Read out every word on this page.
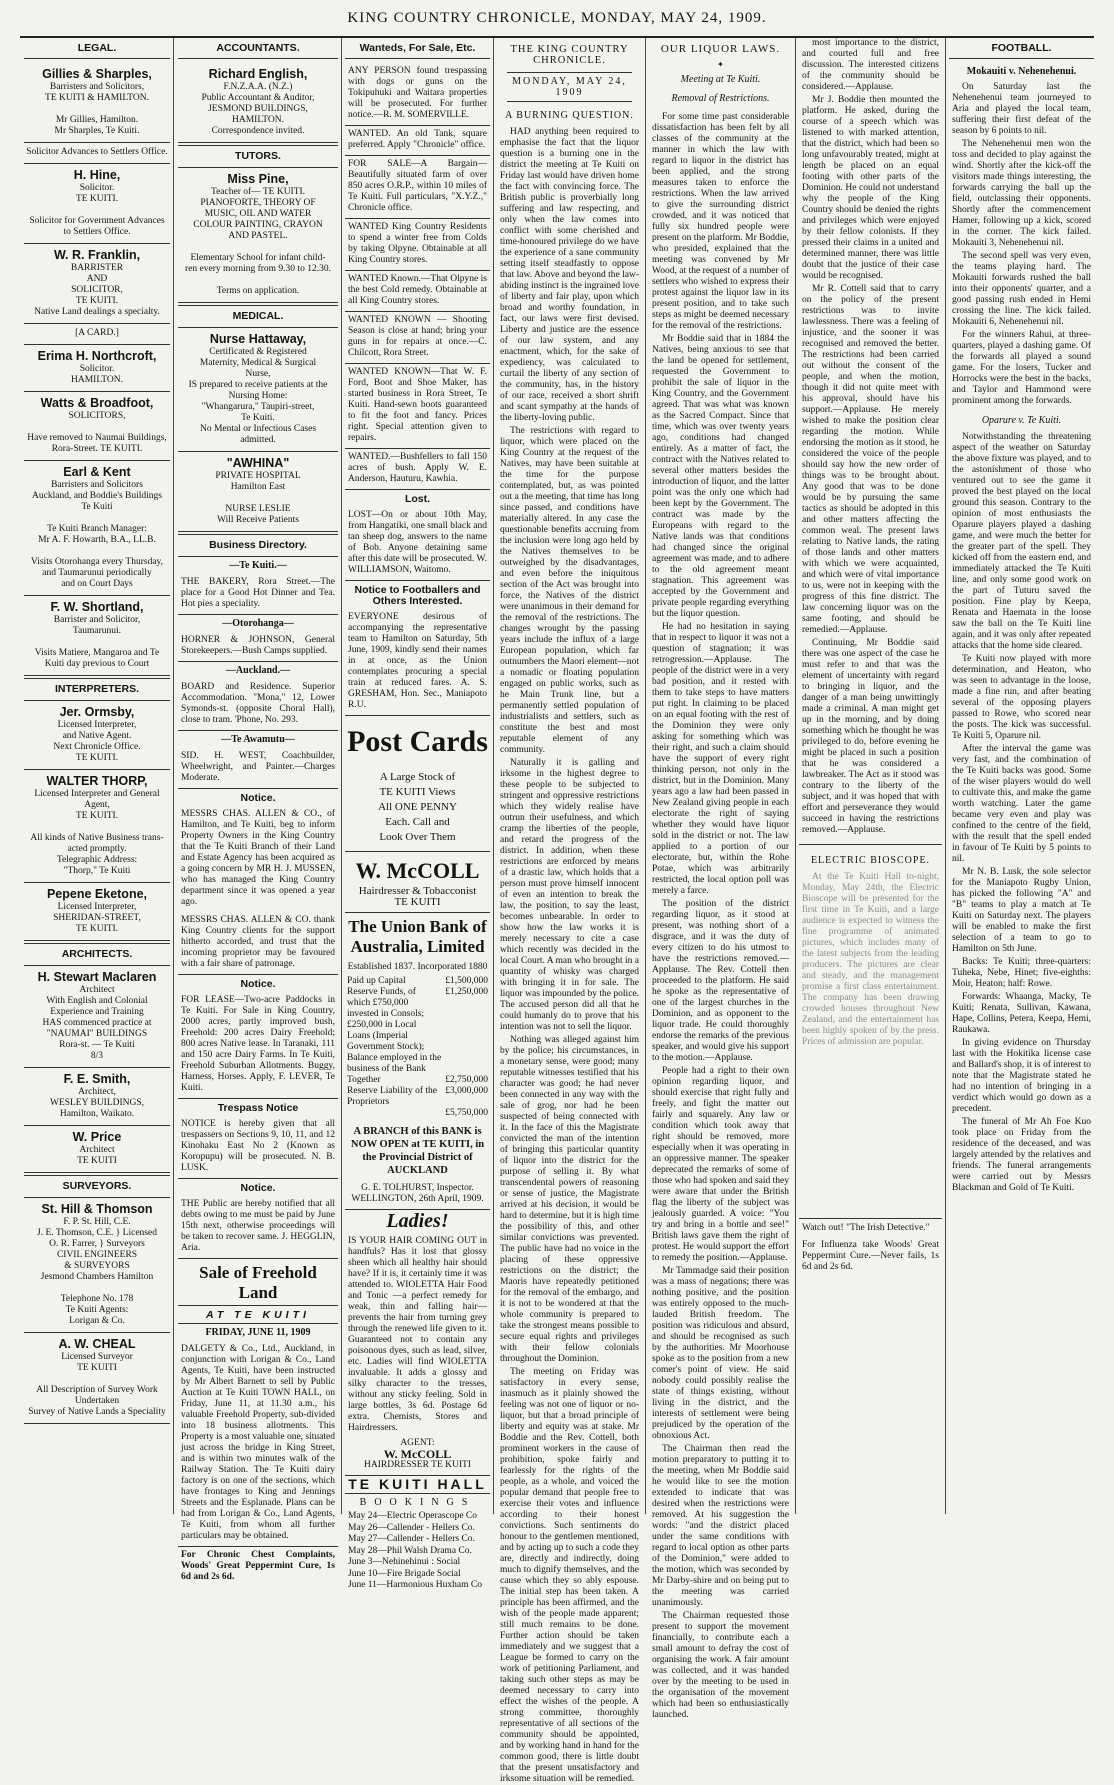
KING COUNTRY CHRONICLE, MONDAY, MAY 24, 1909.
LEGAL.
Gillies & Sharples,
Barristers and Solicitors,
TE KUITI & HAMILTON.

Mr Gillies, Hamilton.
Mr Sharples, Te Kuiti.
Solicitor Advances to Settlers Office.
H. Hine,
Solicitor.
TE KUITI.

Solicitor for Government Advances to Settlers Office.
W. R. Franklin,
BARRISTER
AND
SOLICITOR,
TE KUITI.
Native Land dealings a specialty.
[A CARD.]
Erima H. Northcroft,
Solicitor.
HAMILTON.
Watts & Broadfoot,
SOLICITORS,

Have removed to Naumai Buildings,
Rora-Street. TE KUITI.
Earl & Kent
Barristers and Solicitors
Auckland, and Boddie's Buildings
Te Kuiti

Te Kuiti Branch Manager:
Mr A. F. Howarth, B.A., LL.B.

Visits Otorohanga every Thursday,
and Taumarunui periodically
and on Court Days
F. W. Shortland,
Barrister and Solicitor,
Taumarunui.

Visits Matiere, Mangaroa and Te
Kuiti day previous to Court
INTERPRETERS.
Jer. Ormsby,
Licensed Interpreter,
and Native Agent.
Next Chronicle Office.
TE KUITI.
WALTER THORP,
Licensed Interpreter and General
Agent,
TE KUITI.

All kinds of Native Business trans-
acted promptly.
Telegraphic Address:
"Thorp," Te Kuiti
Pepene Eketone,
Licensed Interpreter,
SHERIDAN-STREET,
TE KUITI.
ARCHITECTS.
H. Stewart Maclaren
Architect
With English and Colonial
Experience and Training
HAS commenced practice at
"NAUMAI" BUILDINGS
Rora-st. — Te Kuiti
8/3
F. E. Smith,
Architect,
WESLEY BUILDINGS,
Hamilton, Waikato.
W. Price
Architect
TE KUITI
SURVEYORS.
St. Hill & Thomson
F. P. St. Hill, C.E.
J. E. Thomson, C.E. } Licensed
O. R. Farrer, } Surveyors
CIVIL ENGINEERS
& SURVEYORS
Jesmond Chambers Hamilton

Telephone No. 178
Te Kuiti Agents:
Lorigan & Co.
A. W. CHEAL
Licensed Surveyor
TE KUITI

All Description of Survey Work
Undertaken
Survey of Native Lands a Speciality
ACCOUNTANTS.
Richard English,
F.N.Z.A.A. (N.Z.)
Public Accountant & Auditor,
JESMOND BUILDINGS,
HAMILTON.
Correspondence invited.
TUTORS.
Miss Pine,
Teacher of— TE KUITI.
PIANOFORTE, THEORY OF
MUSIC, OIL AND WATER
COLOUR PAINTING, CRAYON
AND PASTEL.

Elementary School for infant child-
ren every morning from 9.30 to 12.30.

Terms on application.
MEDICAL.
Nurse Hattaway,
Certificated & Registered
Maternity, Medical & Surgical
Nurse,
IS prepared to receive patients at the
Nursing Home:
"Whangarura," Taupiri-street,
Te Kuiti.
No Mental or Infectious Cases
admitted.
"AWHINA"
PRIVATE HOSPITAL
Hamilton East

NURSE LESLIE
Will Receive Patients
Business Directory.
—Te Kuiti.—
THE BAKERY, Rora Street.—The place for a Good Hot Dinner and Tea. Hot pies a speciality.
—Otorohanga—
HORNER & JOHNSON, General Storekeepers.—Bush Camps supplied.
—Auckland.—
BOARD and Residence. Superior Accommodation. "Mona," 12, Lower Symonds-st. (opposite Choral Hall), close to tram. 'Phone, No. 293.
—Te Awamutu—
SID. H. WEST, Coachbuilder, Wheelwright, and Painter.—Charges Moderate.
Notice.
MESSRS CHAS. ALLEN & CO., of Hamilton, and Te Kuiti, beg to inform Property Owners in the King Country that the Te Kuiti Branch of their Land and Estate Agency has been acquired as a going concern by MR H. J. MUSSEN, who has managed the King Country department since it was opened a year ago.
MESSRS CHAS. ALLEN & CO. thank King Country clients for the support hitherto accorded, and trust that the incoming proprietor may be favoured with a fair share of patronage.
Notice.
FOR LEASE—Two-acre Paddocks in Te Kuiti. For Sale in King Country, 2000 acres, partly improved bush, Freehold: 200 acres Dairy Freehold; 800 acres Native lease. In Taranaki, 111 and 150 acre Dairy Farms. In Te Kuiti, Freehold Suburban Allotments. Buggy, Harness, Horses. Apply, F. LEVER, Te Kuiti.
Trespass Notice
NOTICE is hereby given that all trespassers on Sections 9, 10, 11, and 12 Kinohaku East No 2 (Known as Koropupu) will be prosecuted. N. B. LUSK.
Notice.
THE Public are hereby notified that all debts owing to me must be paid by June 15th next, otherwise proceedings will be taken to recover same. J. HEGGLIN, Aria.
Sale of Freehold Land
AT TE KUITI
FRIDAY, JUNE 11, 1909
DALGETY & Co., Ltd., Auckland, in conjunction with Lorigan & Co., Land Agents, Te Kuiti, have been instructed by Mr Albert Barnett to sell by Public Auction at Te Kuiti TOWN HALL, on Friday, June 11, at 11.30 a.m., his valuable Freehold Property, sub-divided into 18 business allotments. This Property is a most valuable one, situated just across the bridge in King Street, and is within two minutes walk of the Railway Station. The Te Kuiti dairy factory is on one of the sections, which have frontages to King and Jennings Streets and the Esplanade. Plans can be had from Lorigan & Co., Land Agents, Te Kuiti, from whom all further particulars may be obtained.
For Chronic Chest Complaints, Woods' Great Peppermint Cure, 1s 6d and 2s 6d.
Wanteds, For Sale, Etc.
ANY PERSON found trespassing with dogs or guns on the Tokipuhuki and Waitara properties will be prosecuted. For further notice.—R. M. SOMERVILLE.
WANTED. An old Tank, square preferred. Apply "Chronicle" office.
FOR SALE—A Bargain—Beautifully situated farm of over 850 acres O.R.P., within 10 miles of Te Kuiti. Full particulars, "X.Y.Z.," Chronicle office.
WANTED King Country Residents to spend a winter free from Colds by taking Olpyne. Obtainable at all King Country stores.
WANTED Known.—That Olpyne is the best Cold remedy. Obtainable at all King Country stores.
WANTED KNOWN — Shooting Season is close at hand; bring your guns in for repairs at once.—C. Chilcott, Rora Street.
WANTED KNOWN—That W. F. Ford, Boot and Shoe Maker, has started business in Rora Street, Te Kuiti. Hand-sewn boots guaranteed to fit the foot and fancy. Prices right. Special attention given to repairs.
WANTED.—Bushfellers to fall 150 acres of bush. Apply W. E. Anderson, Hauturu, Kawhia.
Lost.
LOST—On or about 10th May, from Hangatiki, one small black and tan sheep dog, answers to the name of Bob. Anyone detaining same after this date will be prosecuted. W. WILLIAMSON, Waitomo.
Notice to Footballers and Others Interested.
EVERYONE desirous of accompanying the representative team to Hamilton on Saturday, 5th June, 1909, kindly send their names in at once, as the Union contemplates procuring a special train at reduced fares. A. S. GRESHAM, Hon. Sec., Maniapoto R.U.
Post Cards
A Large Stock of
TE KUITI Views
All ONE PENNY
Each. Call and
Look Over Them
W. McCOLL
Hairdresser & Tobacconist
TE KUITI
The Union Bank of Australia, Limited
Established 1837. Incorporated 1880
Paid up Capital	£1,500,000
Reserve Funds, of which £750,000 invested in Consols; £250,000 in Local Loans (Imperial Government Stock); Balance employed in the business of the Bank	£1,250,000
Together	£2,750,000
Reserve Liability of the Proprietors	£3,000,000
	£5,750,000
A BRANCH of this BANK is NOW OPEN at TE KUITI, in the Provincial District of AUCKLAND
G. E. TOLHURST, Inspector.
WELLINGTON, 26th April, 1909.
Ladies!
IS YOUR HAIR COMING OUT in handfuls? Has it lost that glossy sheen which all healthy hair should have? If it is, it certainly time it was attended to. WIOLETTA Hair Food and Tonic —a perfect remedy for weak, thin and falling hair—prevents the hair from turning grey through the renewed life given to it. Guaranteed not to contain any poisonous dyes, such as lead, silver, etc. Ladies will find WIOLETTA invaluable. It adds a glossy and silky character to the tresses, without any sticky feeling. Sold in large bottles, 3s 6d. Postage 6d extra. Chemists, Stores and Hairdressers.
AGENT:
W. McCOLL
HAIRDRESSER TE KUITI
TE KUITI HALL
BOOKINGS
May 24—Electric Operascope Co
May 26—Callender - Hellers Co.
May 27—Callender - Hellers Co.
May 28—Phil Walsh Drama Co.
June 3—Nehinehinui : Social
June 10—Fire Brigade Social
June 11—Harmonious Huxham Co
THE KING COUNTRY CHRONICLE.
MONDAY, MAY 24, 1909
A BURNING QUESTION.
HAD anything been required to emphasise the fact that the liquor question is a burning one in the district the meeting at Te Kuiti on Friday last would have driven home the fact with convincing force. The British public is proverbially long suffering and law respecting, and only when the law comes into conflict with some cherished and time-honoured privilege do we have the experience of a sane community setting itself steadfastly to oppose that law. Above and beyond the law-abiding instinct is the ingrained love of liberty and fair play, upon which broad and worthy foundation, in fact, our laws were first devised. Liberty and justice are the essence of our law system, and any enactment, which, for the sake of expediency, was calculated to curtail the liberty of any section of the community, has, in the history of our race, received a short shrift and scant sympathy at the hands of the liberty-loving public.
The restrictions with regard to liquor, which were placed on the King Country at the request of the Natives, may have been suitable at the time for the purpose contemplated, but, as was pointed out a the meeting, that time has long since passed, and conditions have materially altered. In any case the questionable benefits accruing from the inclusion were long ago held by the Natives themselves to be outweighed by the disadvantages, and even before the iniquitous section of the Act was brought into force, the Natives of the district were unanimous in their demand for the removal of the restrictions. The changes wrought by the passing years include the influx of a large European population, which far outnumbers the Maori element—not a nomadic or floating population engaged on public works, such as he Main Trunk line, but a permanently settled population of industrialists and settlers, such as constitute the best and most reputable element of any community.
Naturally it is galling and irksome in the highest degree to these people to be subjected to stringent and oppressive restrictions which they widely realise have outrun their usefulness, and which cramp the liberties of the people, and retard the progress of the district. In addition, when these restrictions are enforced by means of a drastic law, which holds that a person must prove himself innocent of even an intention to break the law, the position, to say the least, becomes unbearable. In order to show how the law works it is merely necessary to cite a case which recently was decided in the local Court. A man who brought in a quantity of whisky was charged with bringing it in for sale. The liquor was impounded by the police. The accused person did all that he could humanly do to prove that his intention was not to sell the liquor.
Nothing was alleged against him by the police; his circumstances, in a monetary sense, were good; many reputable witnesses testified that his character was good; he had never been connected in any way with the sale of grog, nor had he been suspected of being connected with it. In the face of this the Magistrate convicted the man of the intention of bringing this particular quantity of liquor into the district for the purpose of selling it. By what transcendental powers of reasoning or sense of justice, the Magistrate arrived at his decision, it would be hard to determine, but it is high time the possibility of this, and other similar convictions was prevented. The public have had no voice in the placing of these oppressive restrictions on the district; the Maoris have repeatedly petitioned for the removal of the embargo, and it is not to be wondered at that the whole community is prepared to take the strongest means possible to secure equal rights and privileges with their fellow colonials throughout the Dominion.
The meeting on Friday was satisfactory in every sense, inasmuch as it plainly showed the feeling was not one of liquor or no-liquor, but that a broad principle of liberty and equity was at stake. Mr Boddie and the Rev. Cottell, both prominent workers in the cause of prohibition, spoke fairly and fearlessly for the rights of the people, as a whole, and voiced the popular demand that people free to exercise their votes and influence according to their honest convictions. Such sentiments do honour to the gentlemen mentioned, and by acting up to such a code they are, directly and indirectly, doing much to dignify themselves, and the cause which they so ably espouse. The initial step has been taken. A principle has been affirmed, and the wish of the people made apparent; still much remains to be done. Further action should be taken immediately and we suggest that a League be formed to carry on the work of petitioning Parliament, and taking such other steps as may be deemed necessary to carry into effect the wishes of the people. A strong committee, thoroughly representative of all sections of the community should be appointed, and by working hand in hand for the common good, there is little doubt that the present unsatisfactory and irksome situation will be remedied.
OUR LIQUOR LAWS.
✦
Meeting at Te Kuiti.
Removal of Restrictions.
For some time past considerable dissatisfaction has been felt by all classes of the community at the manner in which the law with regard to liquor in the district has been applied, and the strong measures taken to enforce the restrictions. When the law arrived to give the surrounding district crowded, and it was noticed that fully six hundred people were present on the platform. Mr Boddie, who presided, explained that the meeting was convened by Mr Wood, at the request of a number of settlers who wished to express their protest against the liquor law in its present position, and to take such steps as might be deemed necessary for the removal of the restrictions.
Mr Boddie said that in 1884 the Natives, being anxious to see that the land be opened for settlement, requested the Government to prohibit the sale of liquor in the King Country, and the Government agreed. That was what was known as the Sacred Compact. Since that time, which was over twenty years ago, conditions had changed entirely. As a matter of fact, the contract with the Natives related to several other matters besides the introduction of liquor, and the latter point was the only one which had been kept by the Government. The contract was made by the Europeans with regard to the Native lands was that conditions had changed since the original agreement was made, and to adhere to the old agreement meant stagnation. This agreement was accepted by the Government and private people regarding everything but the liquor question.
He had no hesitation in saying that in respect to liquor it was not a question of stagnation; it was retrogression.—Applause. The people of the district were in a very bad position, and it rested with them to take steps to have matters put right. In claiming to be placed on an equal footing with the rest of the Dominion they were only asking for something which was their right, and such a claim should have the support of every right thinking person, not only in the district, but in the Dominion. Many years ago a law had been passed in New Zealand giving people in each electorate the right of saying whether they would have liquor sold in the district or not. The law applied to a portion of our electorate, but, within the Rohe Potae, which was arbitrarily restricted, the local option poll was merely a farce.
The position of the district regarding liquor, as it stood at present, was nothing short of a disgrace, and it was the duty of every citizen to do his utmost to have the restrictions removed.—Applause. The Rev. Cottell then proceeded to the platform. He said he spoke as the representative of one of the largest churches in the Dominion, and as opponent to the liquor trade. He could thoroughly endorse the remarks of the previous speaker, and would give his support to the motion.—Applause.
People had a right to their own opinion regarding liquor, and should exercise that right fully and freely, and fight the matter out fairly and squarely. Any law or condition which took away that right should be removed, more especially when it was operating in an oppressive manner. The speaker deprecated the remarks of some of those who had spoken and said they were aware that under the British flag the liberty of the subject was jealously guarded. A voice: "You try and bring in a bottle and see!" British laws gave them the right of protest. He would support the effort to remedy the position.—Applause.
Mr Tammadge said their position was a mass of negations; there was nothing positive, and the position was entirely opposed to the much-lauded British freedom. The position was ridiculous and absurd, and should be recognised as such by the authorities. Mr Moorhouse spoke as to the position from a new comer's point of view. He said nobody could possibly realise the state of things existing, without living in the district, and the interests of settlement were being prejudiced by the operation of the obnoxious Act.
The Chairman then read the motion preparatory to putting it to the meeting, when Mr Boddie said he would like to see the motion extended to indicate that was desired when the restrictions were removed. At his suggestion the words: "and the district placed under the same conditions with regard to local option as other parts of the Dominion," were added to the motion, which was seconded by Mr Darby-shire and on being put to the meeting was carried unanimously.
The Chairman requested those present to support the movement financially, to contribute each a small amount to defray the cost of organising the work. A fair amount was collected, and it was handed over by the meeting to be used in the organisation of the movement which had been so enthusiastically launched.
most importance to the district, and courted full and free discussion. The interested citizens of the community should be considered.—Applause.
Mr J. Boddie then mounted the platform. He asked, during the course of a speech which was listened to with marked attention, that the district, which had been so long unfavourably treated, might at length be placed on an equal footing with other parts of the Dominion. He could not understand why the people of the King Country should be denied the rights and privileges which were enjoyed by their fellow colonists. If they pressed their claims in a united and determined manner, there was little doubt that the justice of their case would be recognised.
Mr R. Cottell said that to carry on the policy of the present restrictions was to invite lawlessness. There was a feeling of injustice, and the sooner it was recognised and removed the better. The restrictions had been carried out without the consent of the people, and when the motion, though it did not quite meet with his approval, should have his support.—Applause. He merely wished to make the position clear regarding the motion. While endorsing the motion as it stood, he considered the voice of the people should say how the new order of things was to be brought about. Any good that was to be done would be by pursuing the same tactics as should be adopted in this and other matters affecting the common weal. The present laws relating to Native lands, the rating of those lands and other matters with which we were acquainted, and which were of vital importance to us, were not in keeping with the progress of this fine district. The law concerning liquor was on the same footing, and should be remedied.—Applause.
Continuing, Mr Boddie said there was one aspect of the case he must refer to and that was the element of uncertainty with regard to bringing in liquor, and the danger of a man being unwittingly made a criminal. A man might get up in the morning, and by doing something which he thought he was privileged to do, before evening he might be placed in such a position that he was considered a lawbreaker. The Act as it stood was contrary to the liberty of the subject, and it was hoped that with effort and perseverance they would succeed in having the restrictions removed.—Applause.
ELECTRIC BIOSCOPE.
At the Te Kuiti Hall to-night, Monday, May 24th, the Electric Bioscope will be presented for the first time in Te Kuiti, and a large audience is expected to witness the fine programme of animated pictures, which includes many of the latest subjects from the leading producers. The pictures are clear and steady, and the management promise a first class entertainment. The company has been drawing crowded houses throughout New Zealand, and the entertainment has been highly spoken of by the press. Prices of admission are popular.
Watch out! "The Irish Detective."
For Influenza take Woods' Great Peppermint Cure.—Never fails, 1s 6d and 2s 6d.
FOOTBALL.
Mokauiti v. Nehenehenui.
On Saturday last the Nehenehenui team journeyed to Aria and played the local team, suffering their first defeat of the season by 6 points to nil.
The Nehenehenui men won the toss and decided to play against the wind. Shortly after the kick-off the visitors made things interesting, the forwards carrying the ball up the field, outclassing their opponents. Shortly after the commencement Hamer, following up a kick, scored in the corner. The kick failed. Mokauiti 3, Nehenehenui nil.
The second spell was very even, the teams playing hard. The Mokauiti forwards rushed the ball into their opponents' quarter, and a good passing rush ended in Hemi crossing the line. The kick failed. Mokauiti 6, Nehenehenui nil.
For the winners Rahui, at three-quarters, played a dashing game. Of the forwards all played a sound game. For the losers, Tucker and Horrocks were the best in the backs, and Taylor and Hammond were prominent among the forwards.
Oparure v. Te Kuiti.
Notwithstanding the threatening aspect of the weather on Saturday the above fixture was played, and to the astonishment of those who ventured out to see the game it proved the best played on the local ground this season. Contrary to the opinion of most enthusiasts the Oparure players played a dashing game, and were much the better for the greater part of the spell. They kicked off from the eastern end, and immediately attacked the Te Kuiti line, and only some good work on the part of Tuturu saved the position. Fine play by Keepa, Renata and Haemata in the loose saw the ball on the Te Kuiti line again, and it was only after repeated attacks that the home side cleared.
Te Kuiti now played with more determination, and Heaton, who was seen to advantage in the loose, made a fine run, and after beating several of the opposing players passed to Rowe, who scored near the posts. The kick was successful. Te Kuiti 5, Oparure nil.
After the interval the game was very fast, and the combination of the Te Kuiti backs was good. Some of the wiser players would do well to cultivate this, and make the game worth watching. Later the game became very even and play was confined to the centre of the field, with the result that the spell ended in favour of Te Kuiti by 5 points to nil.
Mr N. B. Lusk, the sole selector for the Maniapoto Rugby Union, has picked the following "A" and "B" teams to play a match at Te Kuiti on Saturday next. The players will be enabled to make the first selection of a team to go to Hamilton on 5th June.
Backs: Te Kuiti; three-quarters: Tuheka, Nebe, Hinet; five-eighths: Moir, Heaton; half: Rowe.
Forwards: Whaanga, Macky, Te Kuiti; Renata, Sullivan, Kawana, Hape, Collins, Petera, Keepa, Hemi, Raukawa.
In giving evidence on Thursday last with the Hokitika license case and Ballard's shop, it is of interest to note that the Magistrate stated he had no intention of bringing in a verdict which would go down as a precedent.
The funeral of Mr Ah Foe Kuo took place on Friday from the residence of the deceased, and was largely attended by the relatives and friends. The funeral arrangements were carried out by Messrs Blackman and Gold of Te Kuiti.
